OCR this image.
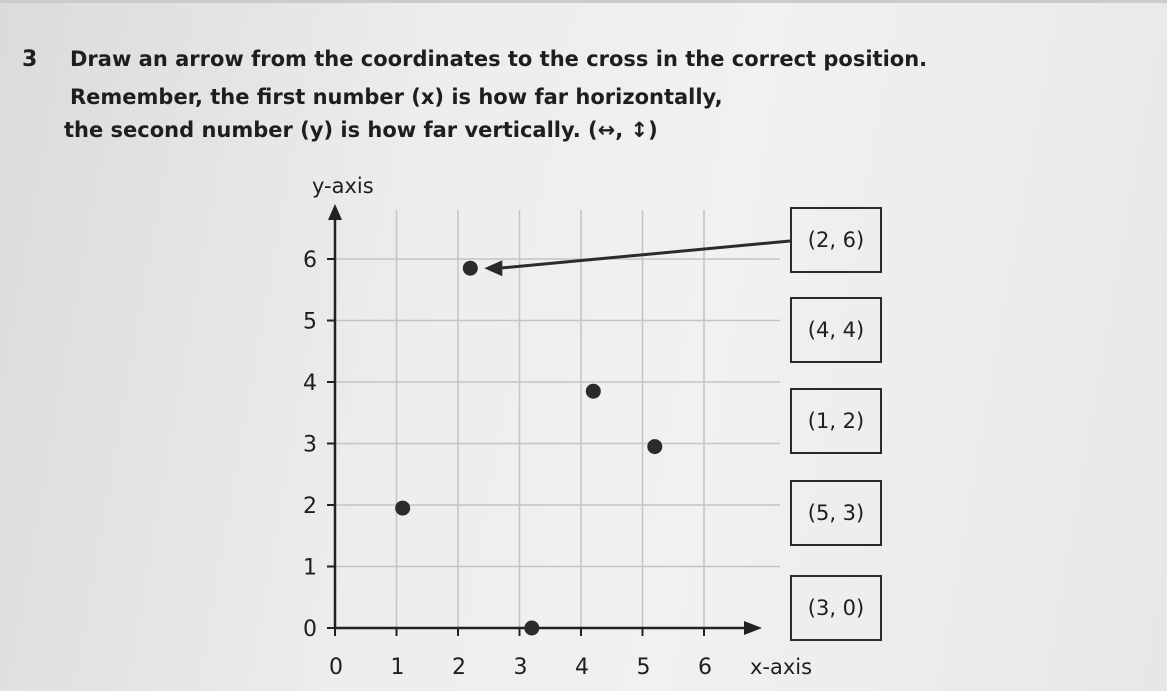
3 Draw an arrow from the coordinates to the cross in the correct position.
Remember, the first number (x) is how far horizontally,
the second number (y) is how far vertically. (↔, ↕)
0 1 2 3 4 5 6
0
1
2
3
4
5
6
x-axis
y-axis
(2, 6)
(4, 4)
(1, 2)
(5, 3)
(3, 0)
